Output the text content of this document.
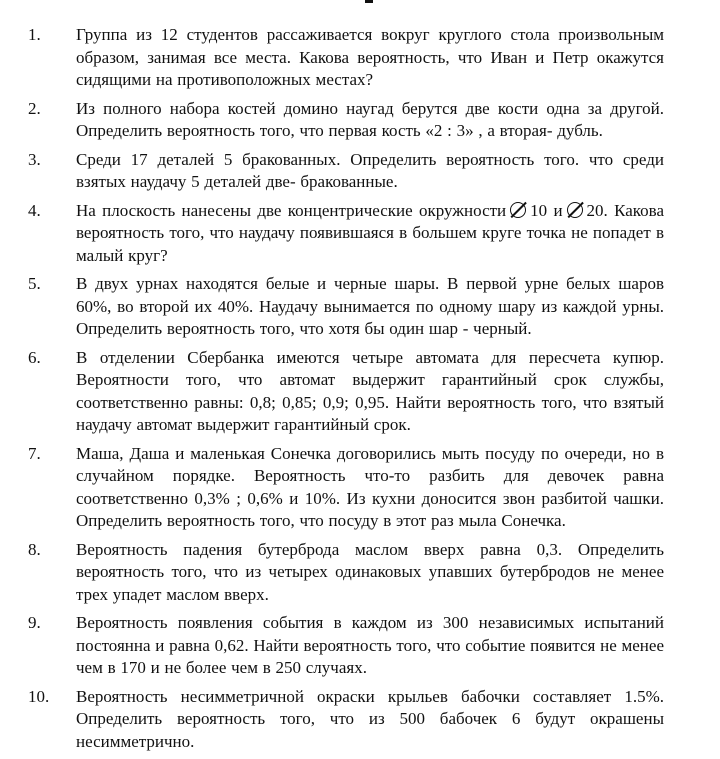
1.	Группа из 12 студентов рассаживается вокруг круглого стола произвольным образом, занимая все места. Какова вероятность, что Иван и Петр окажутся сидящими на противоположных местах?

2.	Из полного набора костей домино наугад берутся две кости одна за другой. Определить вероятность того, что первая кость «2 : 3» , а вторая- дубль.

3.	Среди 17 деталей 5 бракованных. Определить вероятность того. что среди взятых наудачу 5 деталей две- бракованные.

4.	На плоскость нанесены две концентрические окружности 10 и 20. Какова вероятность того, что наудачу появившаяся в большем круге точка не попадет в малый круг?

5.	В двух урнах находятся белые и черные шары. В первой урне белых шаров 60%, во второй их 40%. Наудачу вынимается по одному шару из каждой урны. Определить вероятность того, что хотя бы один шар - черный.

6.	В отделении Сбербанка имеются четыре автомата для пересчета купюр. Вероятности того, что автомат выдержит гарантийный срок службы, соответственно равны: 0,8; 0,85; 0,9; 0,95. Найти вероятность того, что взятый наудачу автомат выдержит гарантийный срок.

7.	Маша, Даша и маленькая Сонечка договорились мыть посуду по очереди, но в случайном порядке. Вероятность что-то разбить для девочек равна соответственно 0,3% ; 0,6% и 10%. Из кухни доносится звон разбитой чашки. Определить вероятность того, что посуду в этот раз мыла Сонечка.

8.	Вероятность падения бутерброда маслом вверх равна 0,3. Определить вероятность того, что из четырех одинаковых упавших бутербродов не менее трех упадет маслом вверх.

9.	Вероятность появления события в каждом из 300 независимых испытаний постоянна и равна 0,62. Найти вероятность того, что событие появится не менее чем в 170 и не более чем в 250 случаях.

10.	Вероятность несимметричной окраски крыльев бабочки составляет 1.5%. Определить вероятность того, что из 500 бабочек 6 будут окрашены несимметрично.
